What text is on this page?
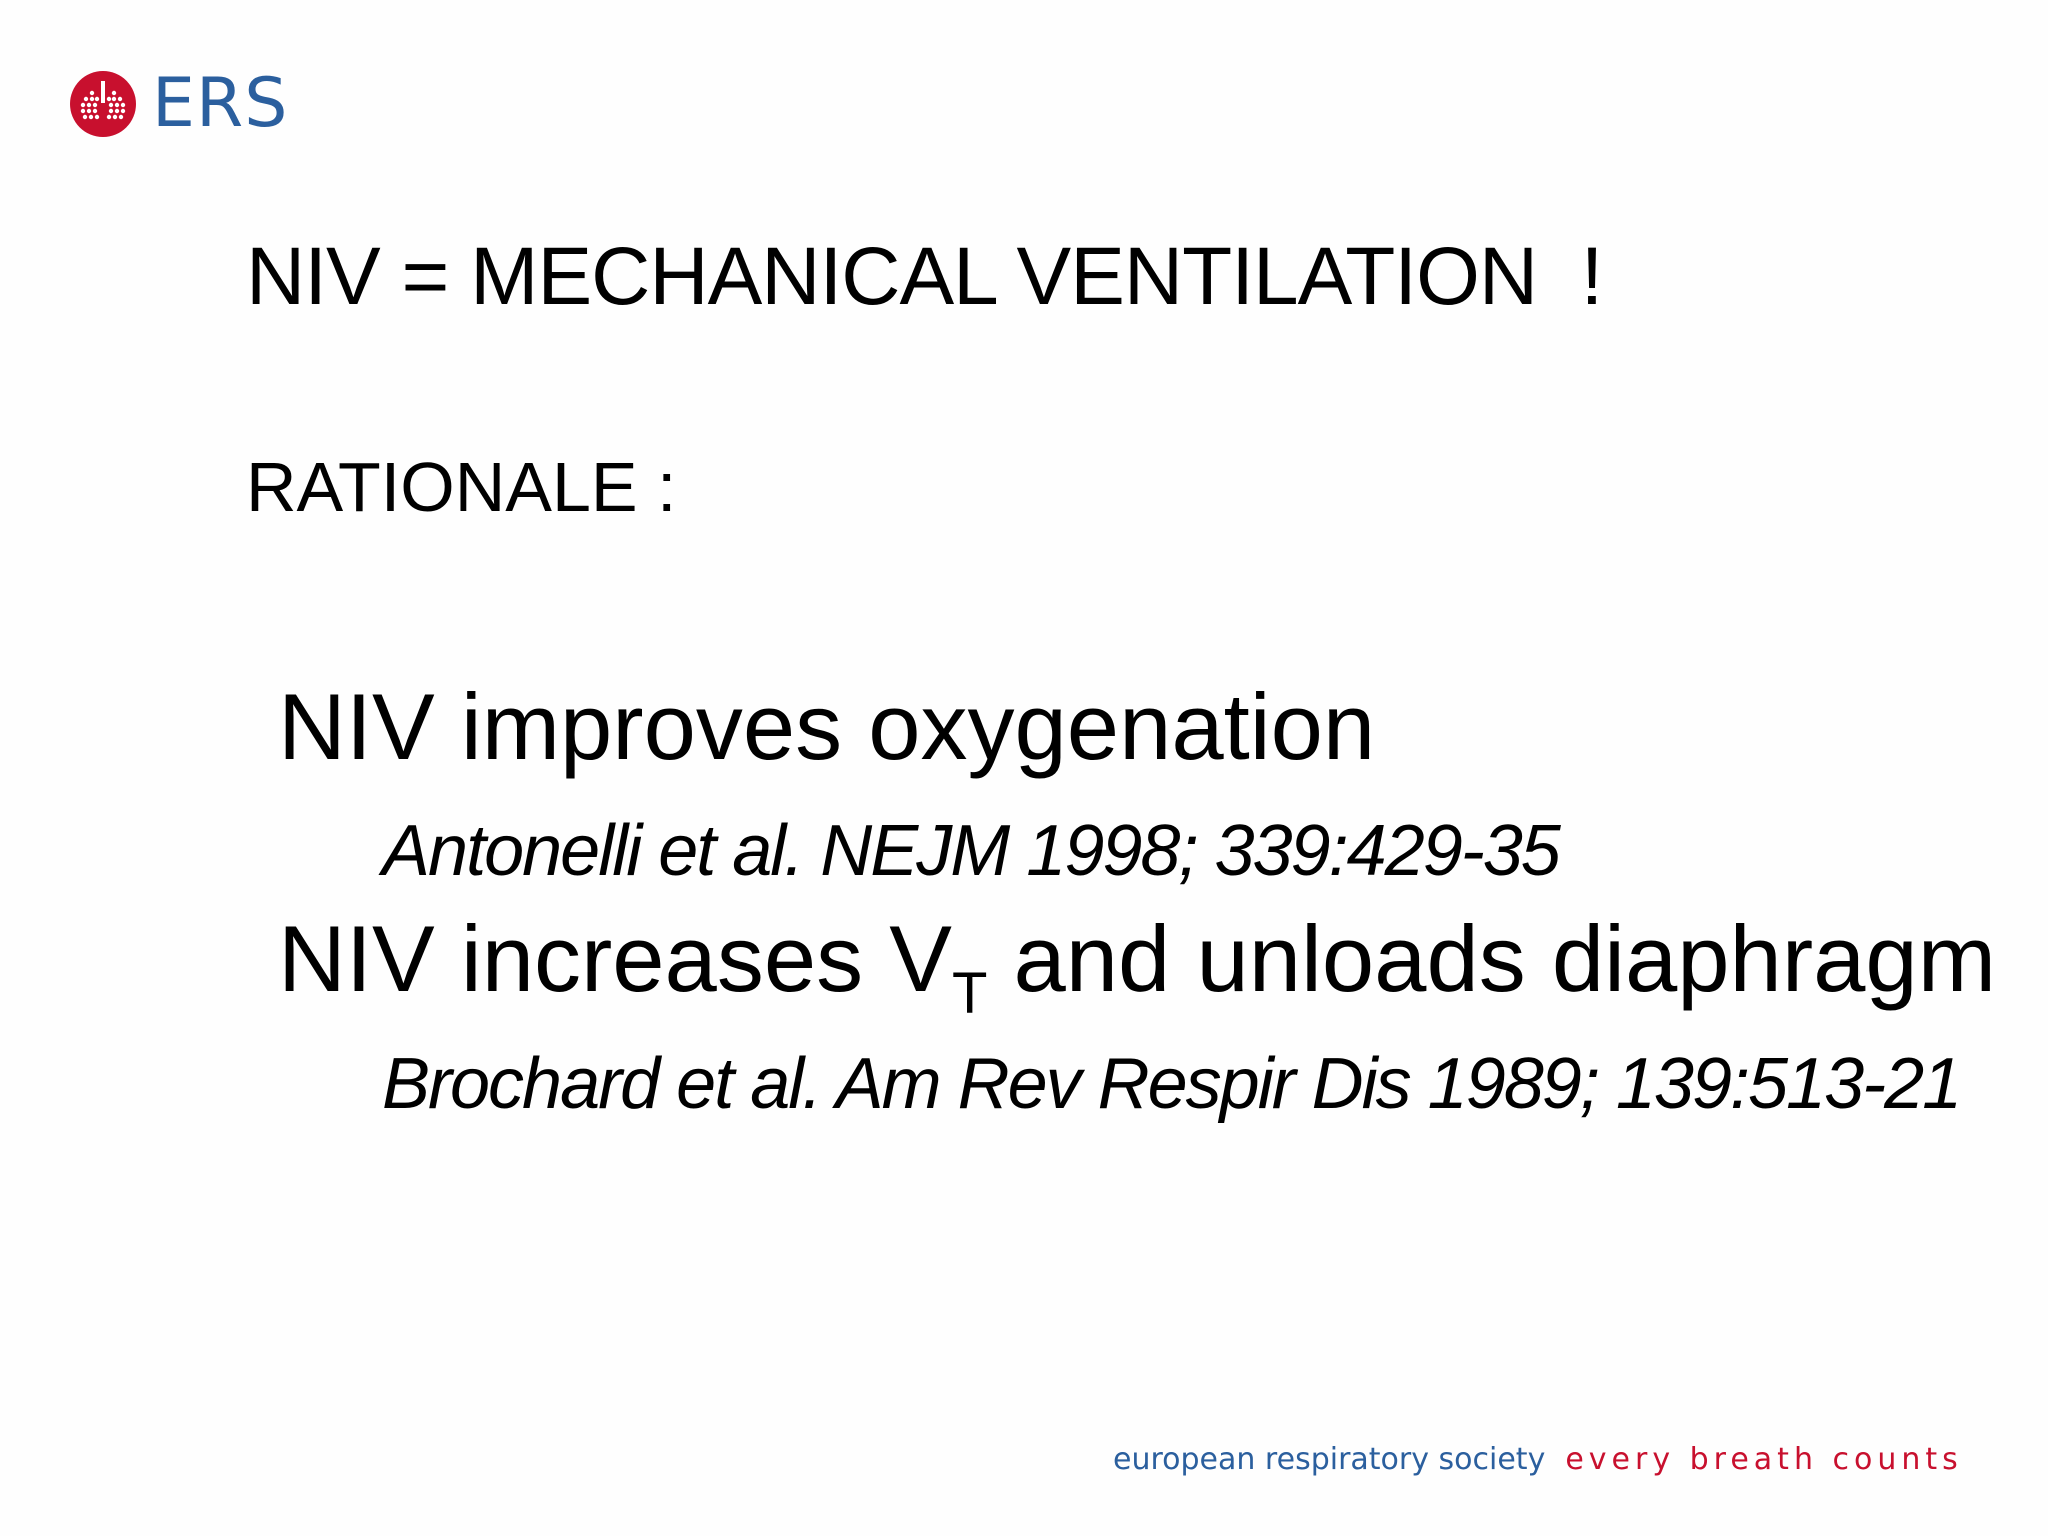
ERS
NIV = MECHANICAL VENTILATION  !
RATIONALE :
NIV improves oxygenation
Antonelli et al. NEJM 1998; 339:429-35
NIV increases $V_T$ and unloads diaphragm
Brochard et al. Am Rev Respir Dis 1989; 139:513-21
european respiratory society every breath counts
